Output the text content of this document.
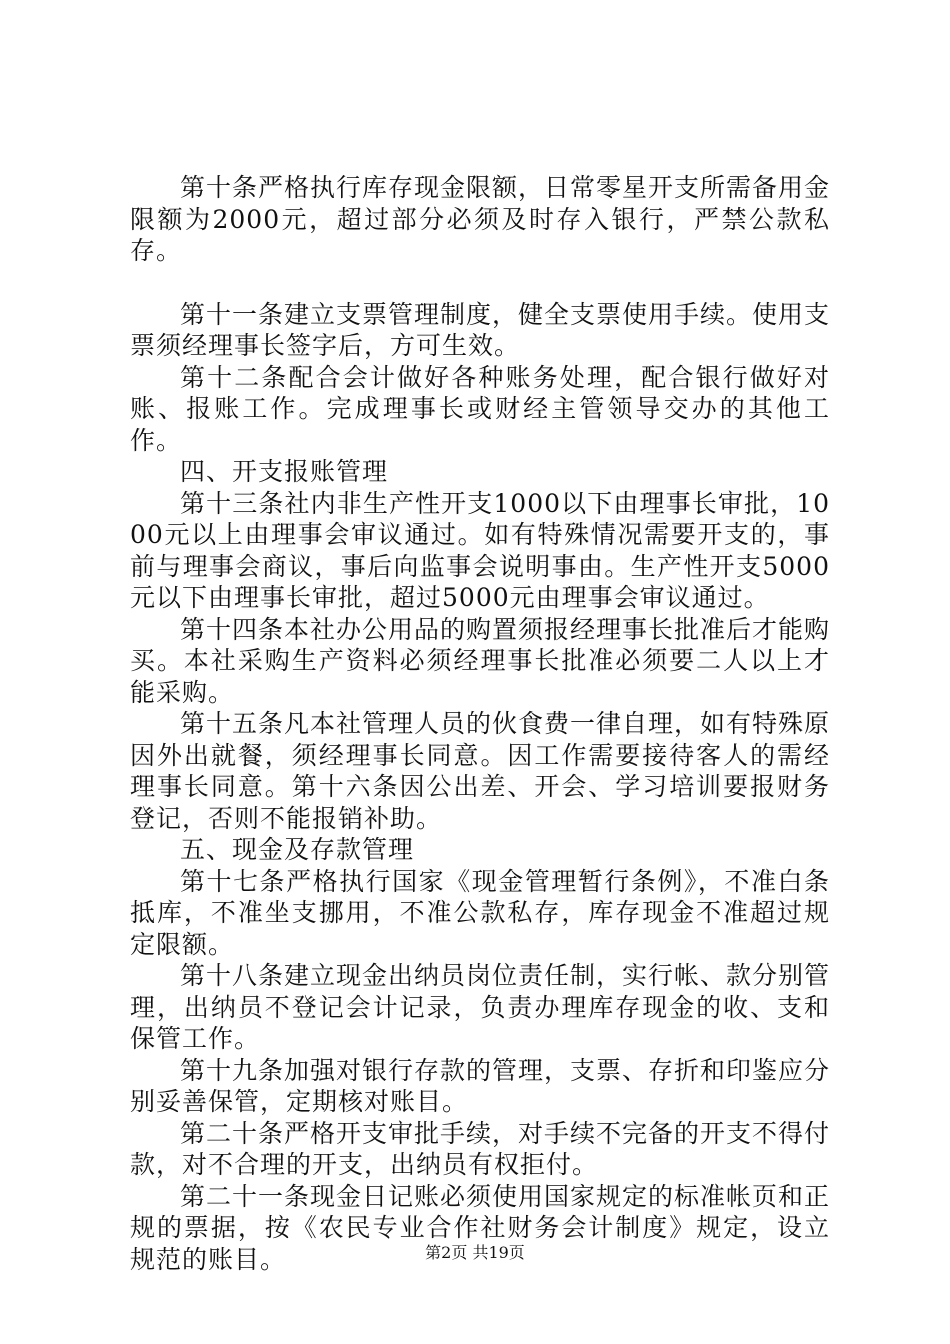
第十条严格执行库存现金限额，日常零星开支所需备用金限额为2000元，超过部分必须及时存入银行，严禁公款私存。

第十一条建立支票管理制度，健全支票使用手续。使用支票须经理事长签字后，方可生效。

第十二条配合会计做好各种账务处理，配合银行做好对账、报账工作。完成理事长或财经主管领导交办的其他工作。

四、开支报账管理

第十三条社内非生产性开支1000以下由理事长审批，1000元以上由理事会审议通过。如有特殊情况需要开支的，事前与理事会商议，事后向监事会说明事由。生产性开支5000元以下由理事长审批，超过5000元由理事会审议通过。

第十四条本社办公用品的购置须报经理事长批准后才能购买。本社采购生产资料必须经理事长批准必须要二人以上才能采购。

第十五条凡本社管理人员的伙食费一律自理，如有特殊原因外出就餐，须经理事长同意。因工作需要接待客人的需经理事长同意。第十六条因公出差、开会、学习培训要报财务登记，否则不能报销补助。

五、现金及存款管理

第十七条严格执行国家《现金管理暂行条例》，不准白条抵库，不准坐支挪用，不准公款私存，库存现金不准超过规定限额。

第十八条建立现金出纳员岗位责任制，实行帐、款分别管理，出纳员不登记会计记录，负责办理库存现金的收、支和保管工作。

第十九条加强对银行存款的管理，支票、存折和印鉴应分别妥善保管，定期核对账目。

第二十条严格开支审批手续，对手续不完备的开支不得付款，对不合理的开支，出纳员有权拒付。

第二十一条现金日记账必须使用国家规定的标准帐页和正规的票据，按《农民专业合作社财务会计制度》规定，设立规范的账目。	第2页 共19页
